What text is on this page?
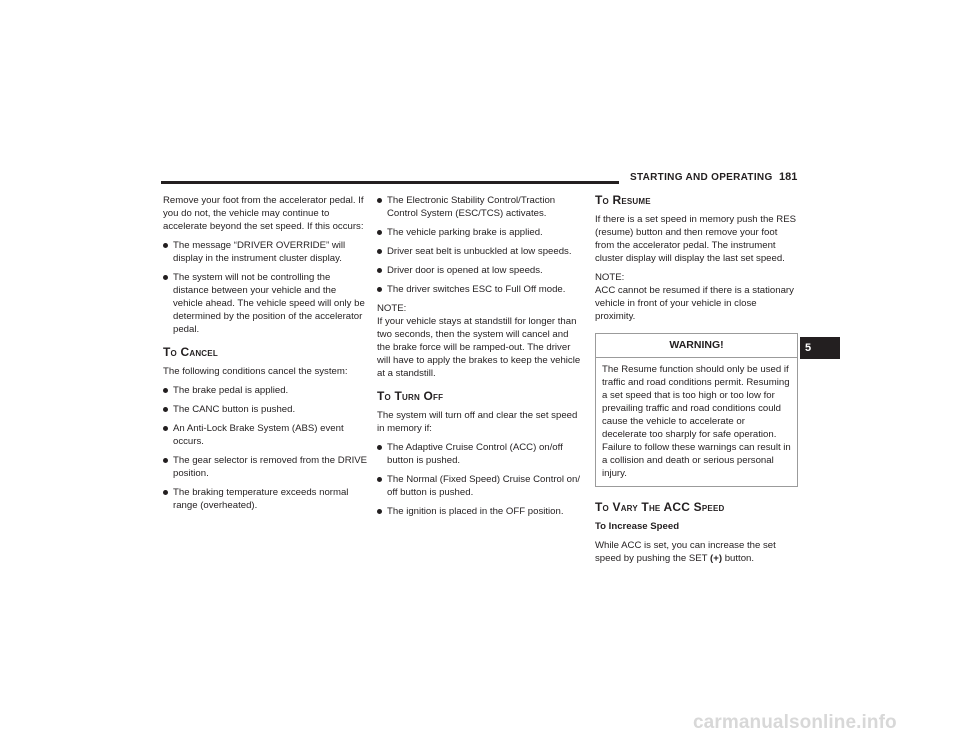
STARTING AND OPERATING 181

Remove your foot from the accelerator pedal. If you do not, the vehicle may continue to accelerate beyond the set speed. If this occurs:

The message “DRIVER OVERRIDE” will display in the instrument cluster display.
The system will not be controlling the distance between your vehicle and the vehicle ahead. The vehicle speed will only be determined by the position of the accelerator pedal.
To Cancel

The following conditions cancel the system:

The brake pedal is applied.
The CANC button is pushed.
An Anti-Lock Brake System (ABS) event occurs.
The gear selector is removed from the DRIVE position.
The braking temperature exceeds normal range (overheated).
The Electronic Stability Control/Traction Control System (ESC/TCS) activates.
The vehicle parking brake is applied.
Driver seat belt is unbuckled at low speeds.
Driver door is opened at low speeds.
The driver switches ESC to Full Off mode.

NOTE:
If your vehicle stays at standstill for longer than two seconds, then the system will cancel and the brake force will be ramped-out. The driver will have to apply the brakes to keep the vehicle at a standstill.

To Turn Off

The system will turn off and clear the set speed in memory if:

The Adaptive Cruise Control (ACC) on/off button is pushed.
The Normal (Fixed Speed) Cruise Control on/ off button is pushed.
The ignition is placed in the OFF position.
To Resume

If there is a set speed in memory push the RES (resume) button and then remove your foot from the accelerator pedal. The instrument cluster display will display the last set speed.

NOTE:
ACC cannot be resumed if there is a stationary vehicle in front of your vehicle in close proximity.

WARNING!
The Resume function should only be used if traffic and road conditions permit. Resuming a set speed that is too high or too low for prevailing traffic and road conditions could cause the vehicle to accelerate or decelerate too sharply for safe operation. Failure to follow these warnings can result in a collision and death or serious personal injury.
To Vary The ACC Speed
To Increase Speed

While ACC is set, you can increase the set speed by pushing the SET (+) button.

5
carmanualsonline.info
